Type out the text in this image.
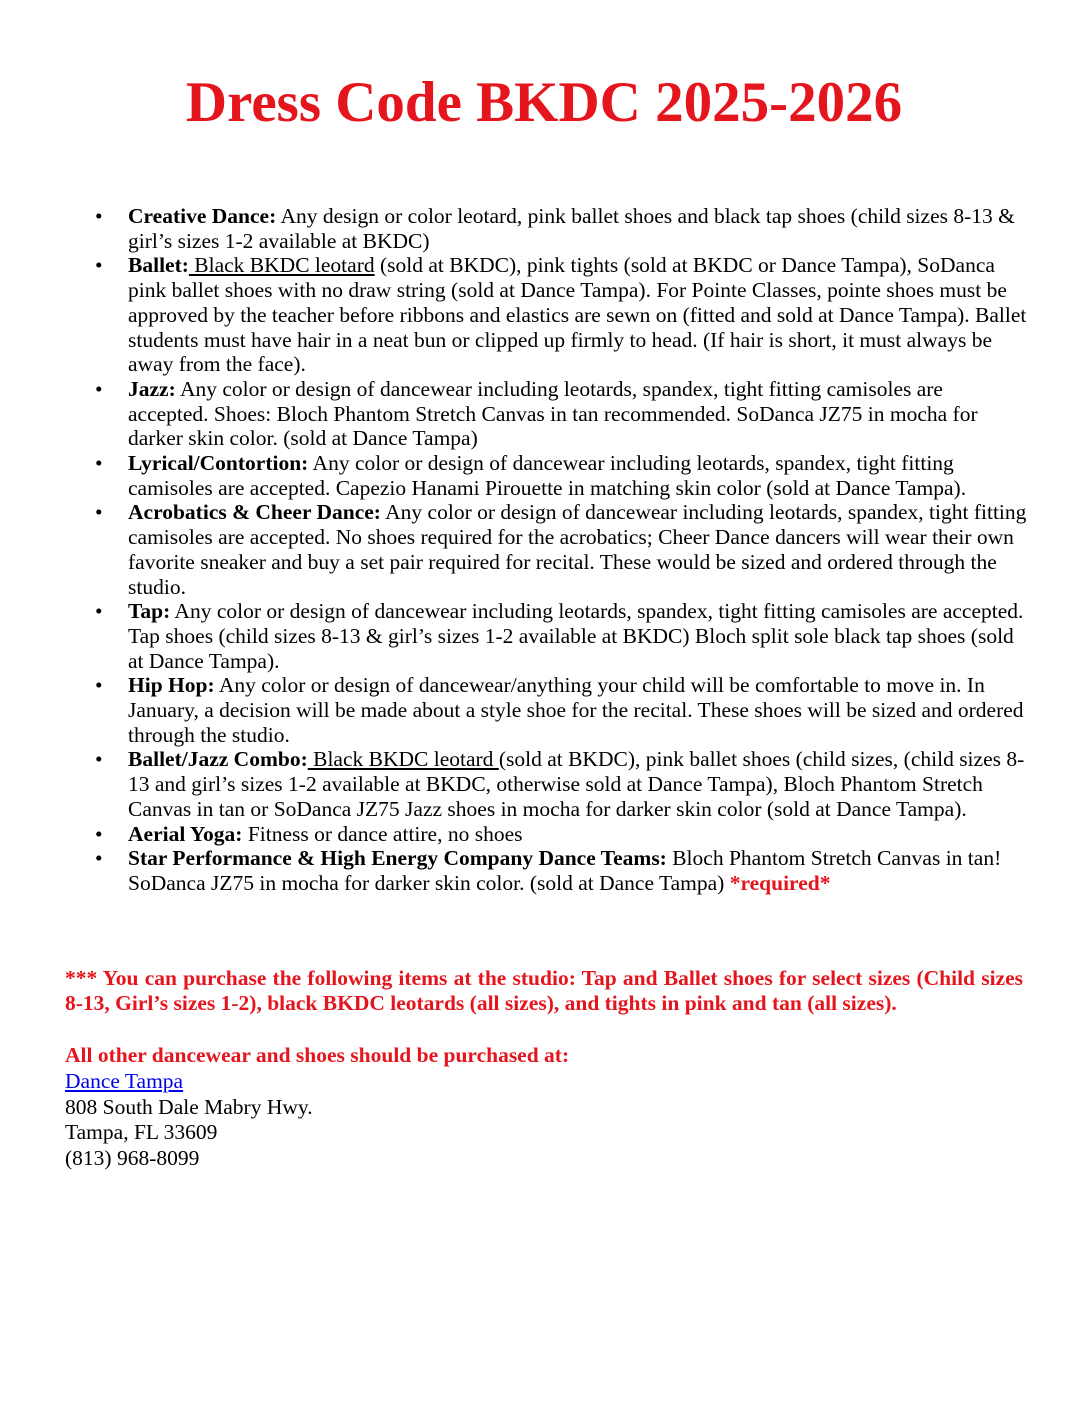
Dress Code BKDC 2025-2026
• Creative Dance: Any design or color leotard, pink ballet shoes and black tap shoes (child sizes 8-13 & girl’s sizes 1-2 available at BKDC)
• Ballet: Black BKDC leotard (sold at BKDC), pink tights (sold at BKDC or Dance Tampa), SoDanca pink ballet shoes with no draw string (sold at Dance Tampa). For Pointe Classes, pointe shoes must be approved by the teacher before ribbons and elastics are sewn on (fitted and sold at Dance Tampa). Ballet students must have hair in a neat bun or clipped up firmly to head. (If hair is short, it must always be away from the face).
• Jazz: Any color or design of dancewear including leotards, spandex, tight fitting camisoles are accepted. Shoes: Bloch Phantom Stretch Canvas in tan recommended. SoDanca JZ75 in mocha for darker skin color. (sold at Dance Tampa)
• Lyrical/Contortion: Any color or design of dancewear including leotards, spandex, tight fitting camisoles are accepted. Capezio Hanami Pirouette in matching skin color (sold at Dance Tampa).
• Acrobatics & Cheer Dance: Any color or design of dancewear including leotards, spandex, tight fitting camisoles are accepted. No shoes required for the acrobatics; Cheer Dance dancers will wear their own favorite sneaker and buy a set pair required for recital. These would be sized and ordered through the studio.
• Tap: Any color or design of dancewear including leotards, spandex, tight fitting camisoles are accepted. Tap shoes (child sizes 8-13 & girl’s sizes 1-2 available at BKDC) Bloch split sole black tap shoes (sold at Dance Tampa).
• Hip Hop: Any color or design of dancewear/anything your child will be comfortable to move in. In January, a decision will be made about a style shoe for the recital. These shoes will be sized and ordered through the studio.
• Ballet/Jazz Combo: Black BKDC leotard (sold at BKDC), pink ballet shoes (child sizes, (child sizes 8-13 and girl’s sizes 1-2 available at BKDC, otherwise sold at Dance Tampa), Bloch Phantom Stretch Canvas in tan or SoDanca JZ75 Jazz shoes in mocha for darker skin color (sold at Dance Tampa).
• Aerial Yoga: Fitness or dance attire, no shoes
• Star Performance & High Energy Company Dance Teams: Bloch Phantom Stretch Canvas in tan! SoDanca JZ75 in mocha for darker skin color. (sold at Dance Tampa) *required*

*** You can purchase the following items at the studio: Tap and Ballet shoes for select sizes (Child sizes 8-13, Girl’s sizes 1-2), black BKDC leotards (all sizes), and tights in pink and tan (all sizes).

All other dancewear and shoes should be purchased at:

Dance Tampa

808 South Dale Mabry Hwy.

Tampa, FL 33609

(813) 968-8099
